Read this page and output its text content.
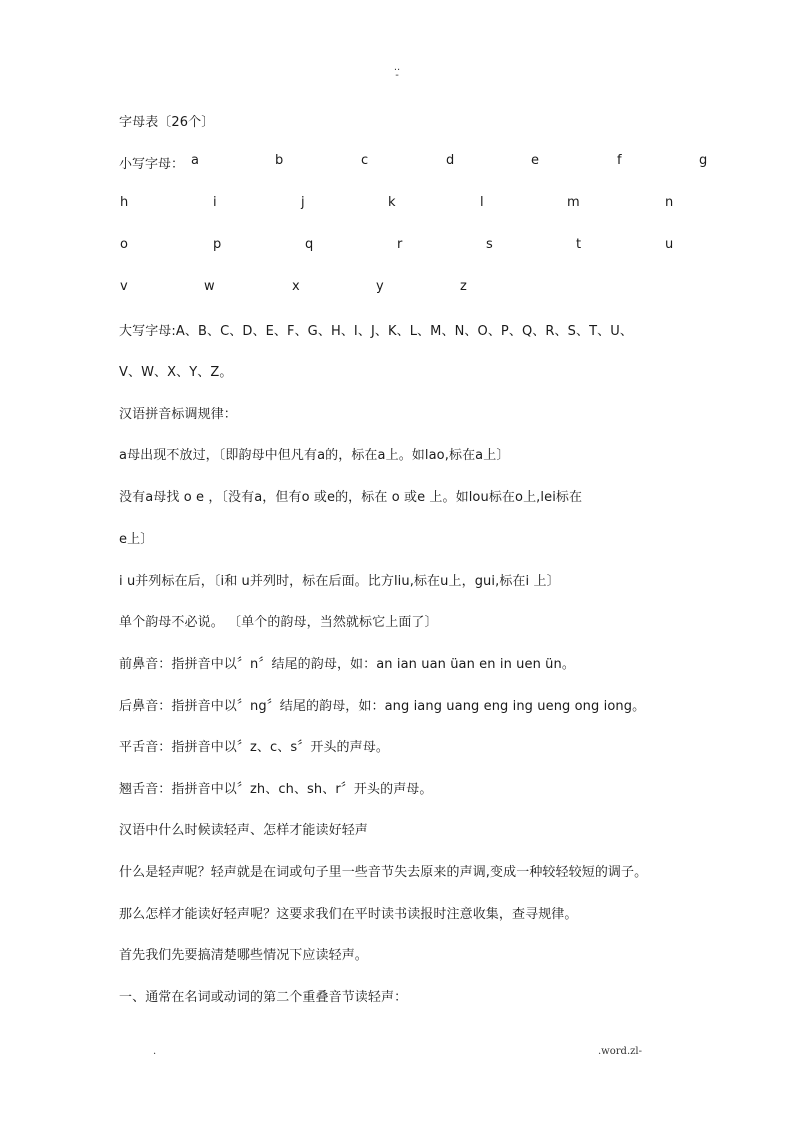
..
-
字母表〔26个〕
小写字母： a	b	c	d	e	f	g
h	i	j	k	l	m	n
o	p	q	r	s	t	u
v	w	x	y	z
大写字母:A、B、C、D、E、F、G、H、I、J、K、L、M、N、O、P、Q、R、S、T、U、
V、W、X、Y、Z。
汉语拼音标调规律：
a母出现不放过，〔即韵母中但凡有a的，标在a上。如lao,标在a上〕
没有a母找 o e ，〔没有a，但有o 或e的，标在 o 或e 上。如lou标在o上,lei标在
e上〕
i u并列标在后，〔i和 u并列时，标在后面。比方liu,标在u上，gui,标在i 上〕
单个韵母不必说。 〔单个的韵母，当然就标它上面了〕
前鼻音：指拼音中以〞n〞结尾的韵母，如：an ian uan üan en in uen ün。
后鼻音：指拼音中以〞ng〞结尾的韵母，如：ang iang uang eng ing ueng ong iong。
平舌音：指拼音中以〞z、c、s〞开头的声母。
翘舌音：指拼音中以〞zh、ch、sh、r〞开头的声母。
汉语中什么时候读轻声、怎样才能读好轻声
什么是轻声呢？轻声就是在词或句子里一些音节失去原来的声调,变成一种较轻较短的调子。
那么怎样才能读好轻声呢？这要求我们在平时读书读报时注意收集，查寻规律。
首先我们先要搞清楚哪些情况下应读轻声。
一、通常在名词或动词的第二个重叠音节读轻声：
.	.word.zl-
